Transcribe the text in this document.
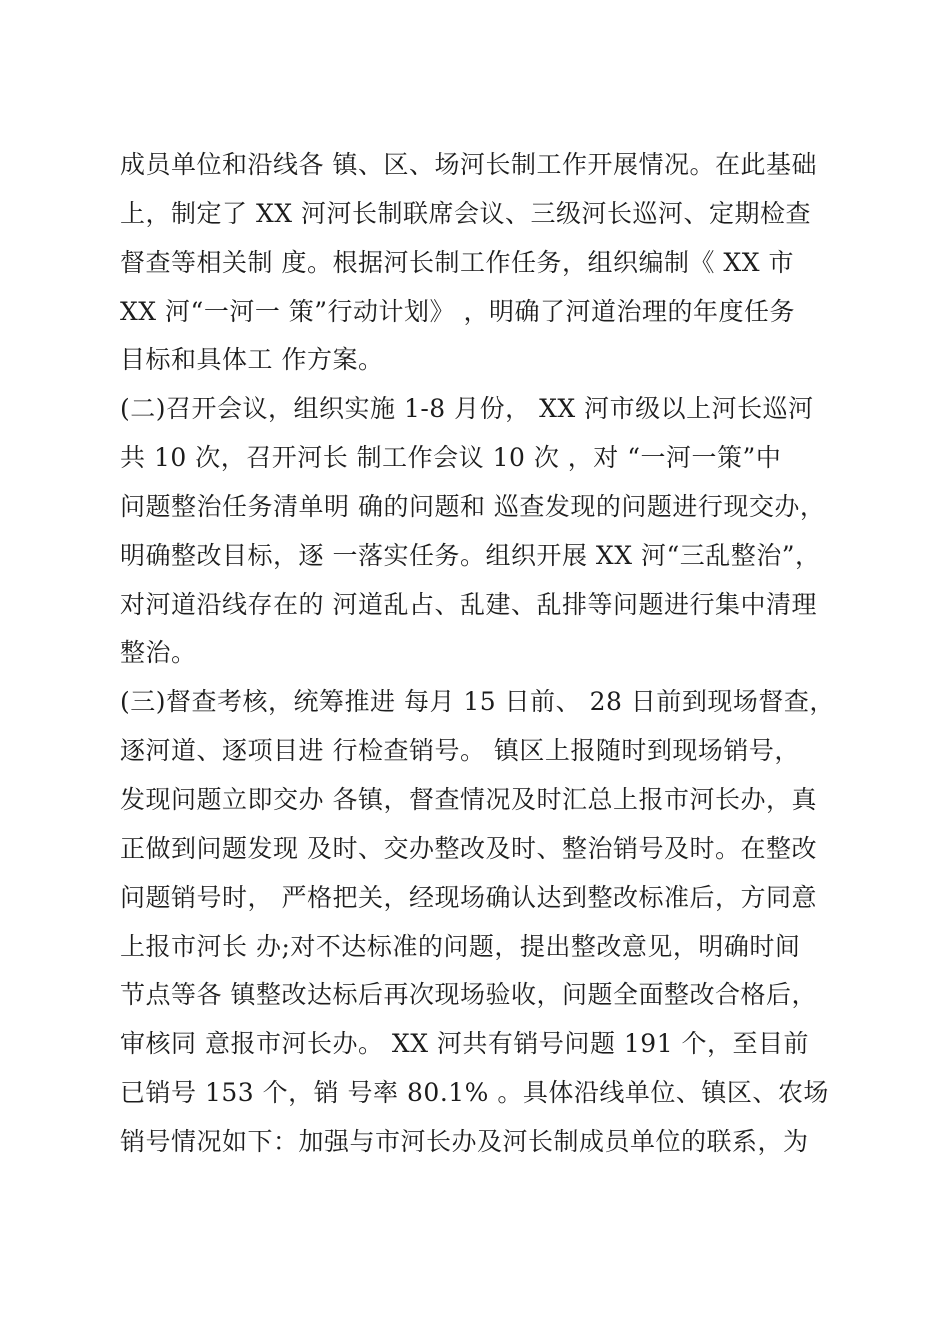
成员单位和沿线各 镇、区、场河长制工作开展情况。在此基础
上，制定了 XX 河河长制联席会议、三级河长巡河、定期检查
督查等相关制 度。根据河长制工作任务，组织编制《 XX 市
XX 河“一河一 策”行动计划》 ，明确了河道治理的年度任务
目标和具体工 作方案。
(二)召开会议，组织实施 1-8 月份， XX 河市级以上河长巡河
共 10 次，召开河长 制工作会议 10 次 ，对 “一河一策”中
问题整治任务清单明 确的问题和 巡查发现的问题进行现交办，
明确整改目标，逐 一落实任务。组织开展 XX 河“三乱整治”，
对河道沿线存在的 河道乱占、乱建、乱排等问题进行集中清理
整治。
(三)督查考核，统筹推进 每月 15 日前、 28 日前到现场督查，
逐河道、逐项目进 行检查销号。 镇区上报随时到现场销号，
发现问题立即交办 各镇，督查情况及时汇总上报市河长办，真
正做到问题发现 及时、交办整改及时、整治销号及时。在整改
问题销号时， 严格把关，经现场确认达到整改标准后，方同意
上报市河长 办;对不达标准的问题，提出整改意见，明确时间
节点等各 镇整改达标后再次现场验收，问题全面整改合格后，
审核同 意报市河长办。 XX 河共有销号问题 191 个，至目前
已销号 153 个，销 号率 80.1% 。具体沿线单位、镇区、农场
销号情况如下：加强与市河长办及河长制成员单位的联系，为
